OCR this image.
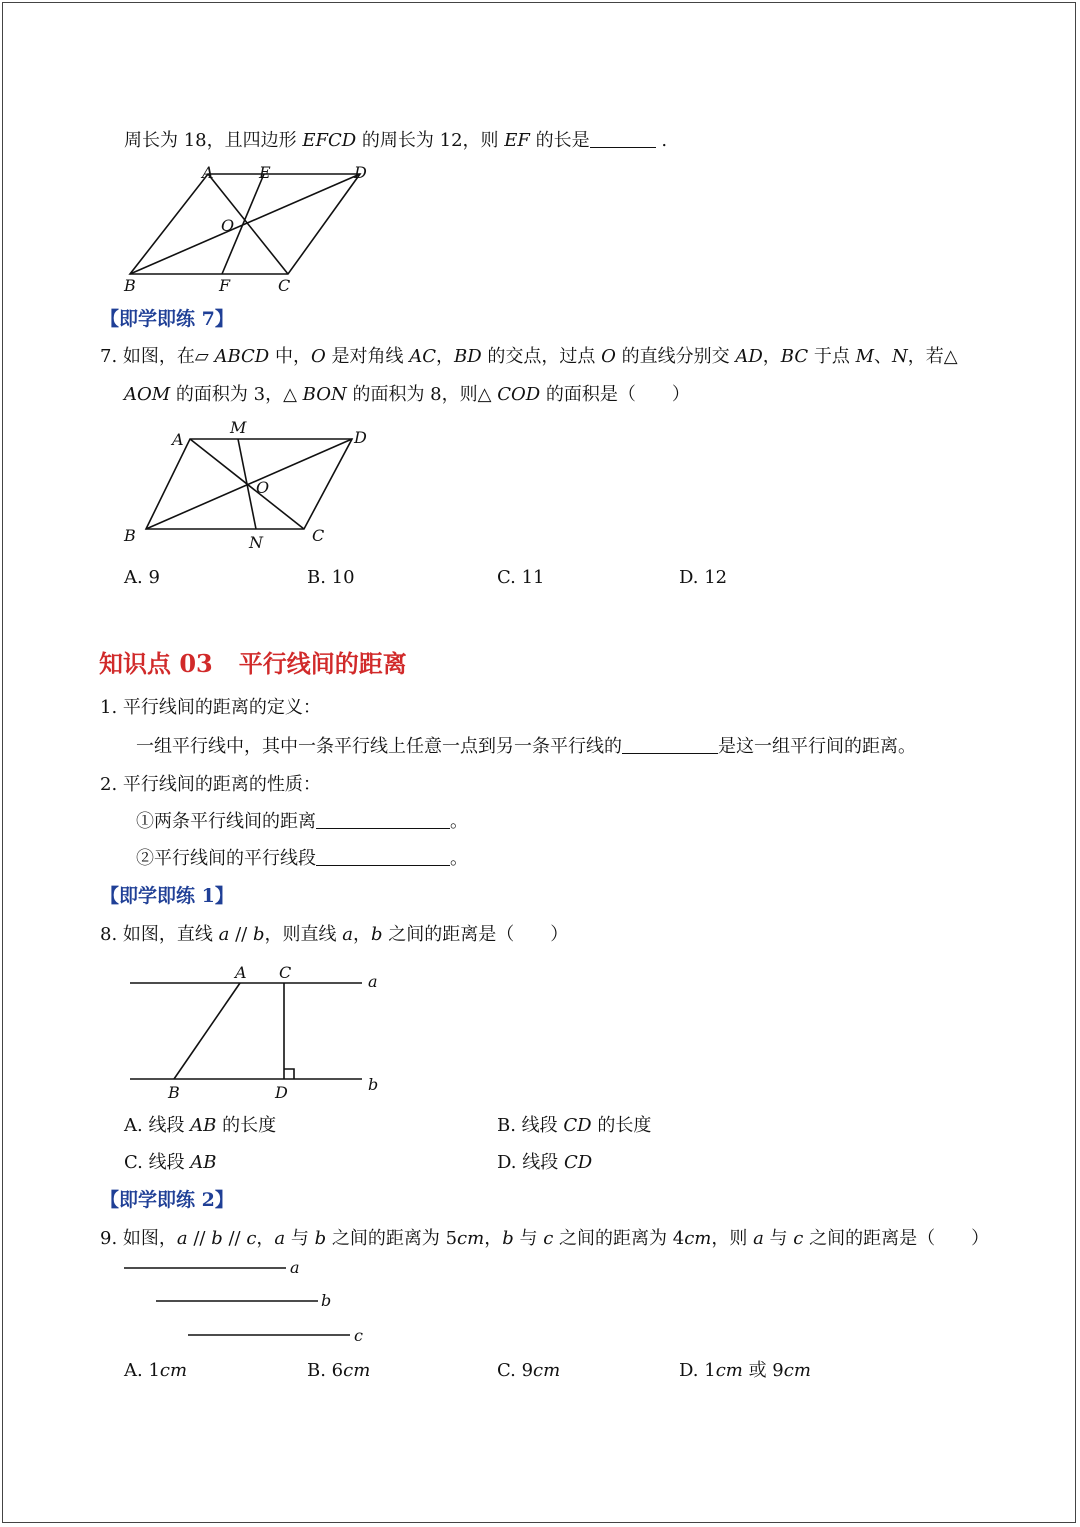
周长为 18，且四边形 EFCD 的周长为 12，则 EF 的长是	.
A	E	D
O
B	F	C
【即学即练 7】
7. 如图，在▱ ABCD 中，O 是对角线 AC，BD 的交点，过点 O 的直线分别交 AD，BC 于点 M、N，若△
AOM 的面积为 3，△ BON 的面积为 8，则△ COD 的面积是（　　）
A
M
D
O
B	N	C
A. 9	B. 10	C. 11	D. 12
知识点 03 平行线间的距离
1. 平行线间的距离的定义：
一组平行线中，其中一条平行线上任意一点到另一条平行线的	是这一组平行间的距离。
2. 平行线间的距离的性质：
①两条平行线间的距离	。
②平行线间的平行线段	。
【即学即练 1】
8. 如图，直线 a // b，则直线 a，b 之间的距离是（　　）
A C	a
B	D	b
A. 线段 AB 的长度	B. 线段 CD 的长度
C. 线段 AB	D. 线段 CD
【即学即练 2】
9. 如图，a // b // c，a 与 b 之间的距离为 5cm，b 与 c 之间的距离为 4cm，则 a 与 c 之间的距离是（　　）
a
b
c
A. 1cm	B. 6cm	C. 9cm	D. 1cm 或 9cm
